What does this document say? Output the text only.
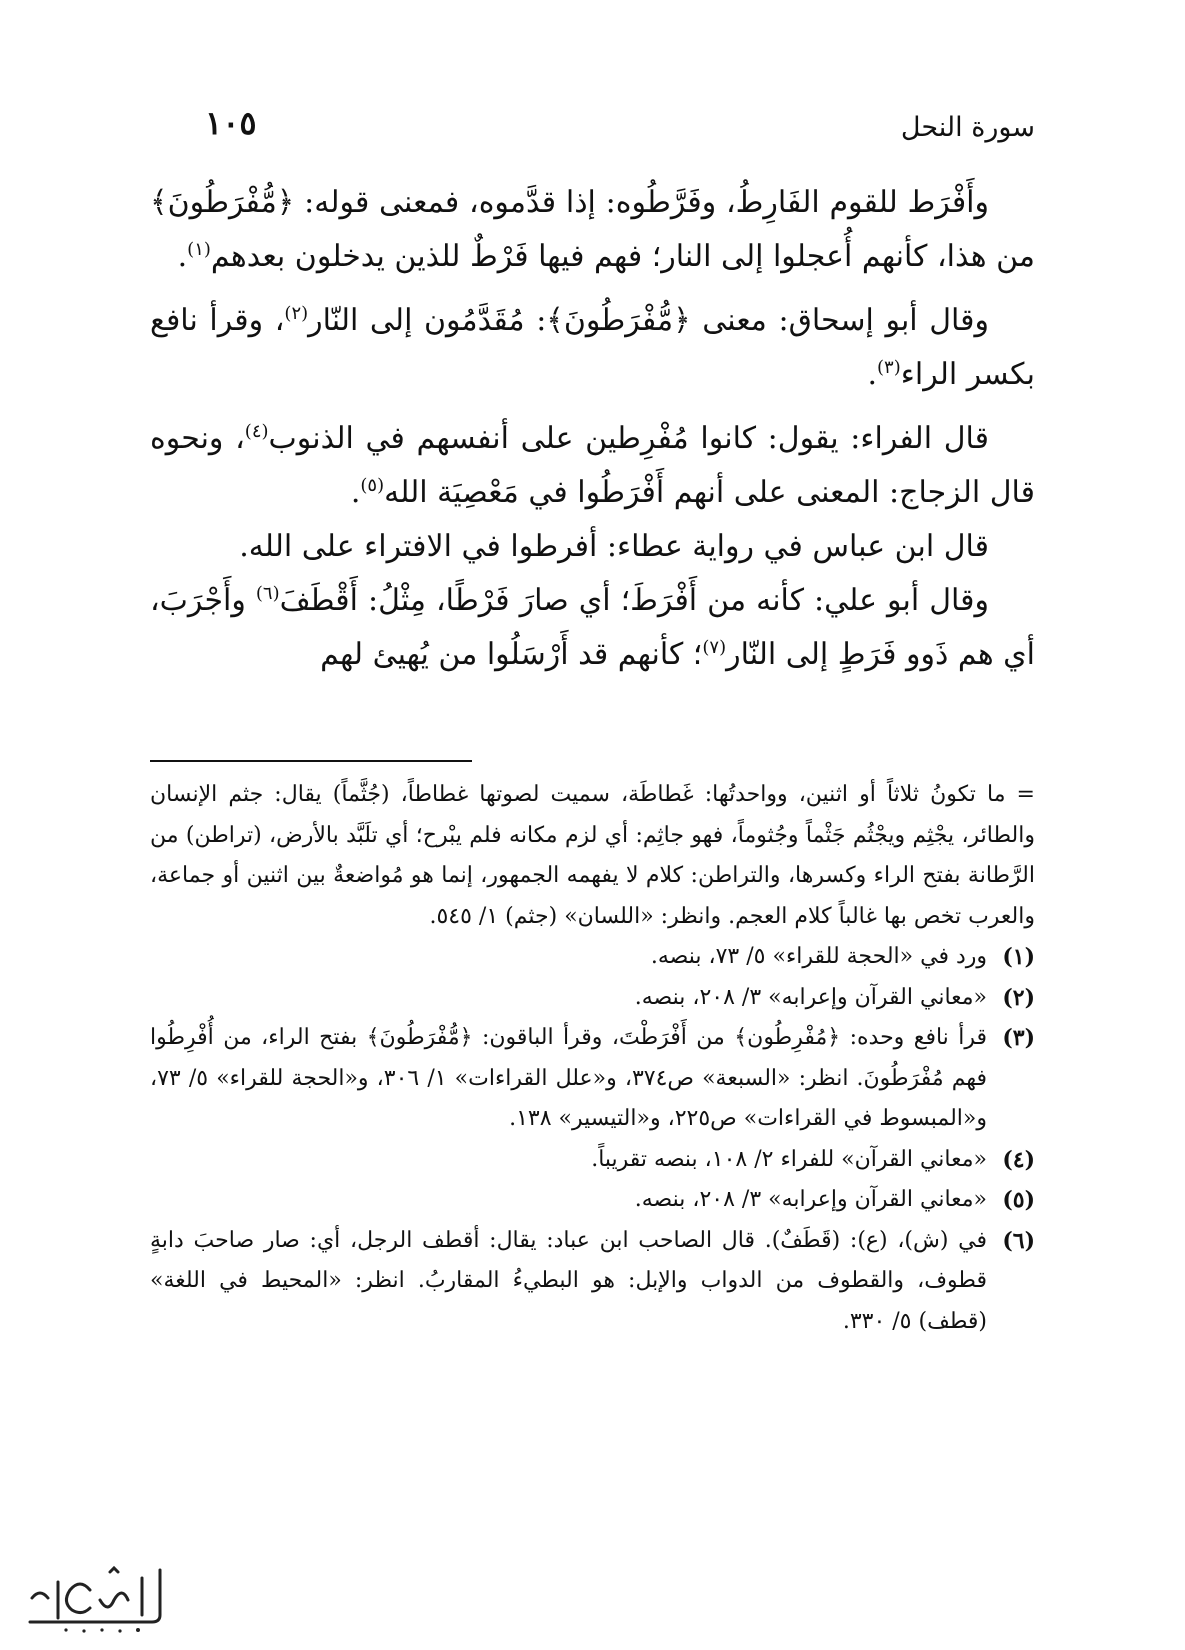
سورة النحل
١٠٥

وأَفْرَط للقوم الفَارِطُ، وفَرَّطُوه: إذا قدَّموه، فمعنى قوله: ﴿مُّفْرَطُونَ﴾ من هذا، كأنهم أُعجلوا إلى النار؛ فهم فيها فَرْطٌ للذين يدخلون بعدهم$^{(١)}$.

وقال أبو إسحاق: معنى ﴿مُّفْرَطُونَ﴾: مُقَدَّمُون إلى النّار$^{(٢)}$، وقرأ نافع بكسر الراء$^{(٣)}$.

قال الفراء: يقول: كانوا مُفْرِطين على أنفسهم في الذنوب$^{(٤)}$، ونحوه قال الزجاج: المعنى على أنهم أَفْرَطُوا في مَعْصِيَة الله$^{(٥)}$.

قال ابن عباس في رواية عطاء: أفرطوا في الافتراء على الله.

وقال أبو علي: كأنه من أَفْرَطَ؛ أي صارَ فَرْطًا، مِثْلُ: أَقْطَفَ$^{(٦)}$ وأَجْرَبَ، أي هم ذَوو فَرَطٍ إلى النّار$^{(٧)}$؛ كأنهم قد أَرْسَلُوا من يُهيئ لهم

= ما تكونُ ثلاثاً أو اثنين، وواحدتُها: غَطاطَة، سميت لصوتها غطاطاً، (جُثَّماً) يقال: جثم الإنسان والطائر، يجْثِم ويجْثُم جَثْماً وجُثوماً، فهو جاثِم: أي لزم مكانه فلم يبْرح؛ أي تلَبَّد بالأرض، (تراطن) من الرَّطانة بفتح الراء وكسرها، والتراطن: كلام لا يفهمه الجمهور، إنما هو مُواضعةٌ بين اثنين أو جماعة، والعرب تخص بها غالباً كلام العجم. وانظر: «اللسان» (جثم) ١/ ٥٤٥.

(١)
ورد في «الحجة للقراء» ٥/ ٧٣، بنصه.

(٢)
«معاني القرآن وإعرابه» ٣/ ٢٠٨، بنصه.

(٣)
قرأ نافع وحده: ﴿مُفْرِطُون﴾ من أَفْرَطْتَ، وقرأ الباقون: ﴿مُّفْرَطُونَ﴾ بفتح الراء، من أُفْرِطُوا فهم مُفْرَطُونَ. انظر: «السبعة» ص٣٧٤، و«علل القراءات» ١/ ٣٠٦، و«الحجة للقراء» ٥/ ٧٣، و«المبسوط في القراءات» ص٢٢٥، و«التيسير» ١٣٨.

(٤)
«معاني القرآن» للفراء ٢/ ١٠٨، بنصه تقريباً.

(٥)
«معاني القرآن وإعرابه» ٣/ ٢٠٨، بنصه.

(٦)
في (ش)، (ع): (قَطَفٌ). قال الصاحب ابن عباد: يقال: أقطف الرجل، أي: صار صاحبَ دابةٍ قطوف، والقطوف من الدواب والإبل: هو البطيءُ المقاربُ. انظر: «المحيط في اللغة» (قطف) ٥/ ٣٣٠.
